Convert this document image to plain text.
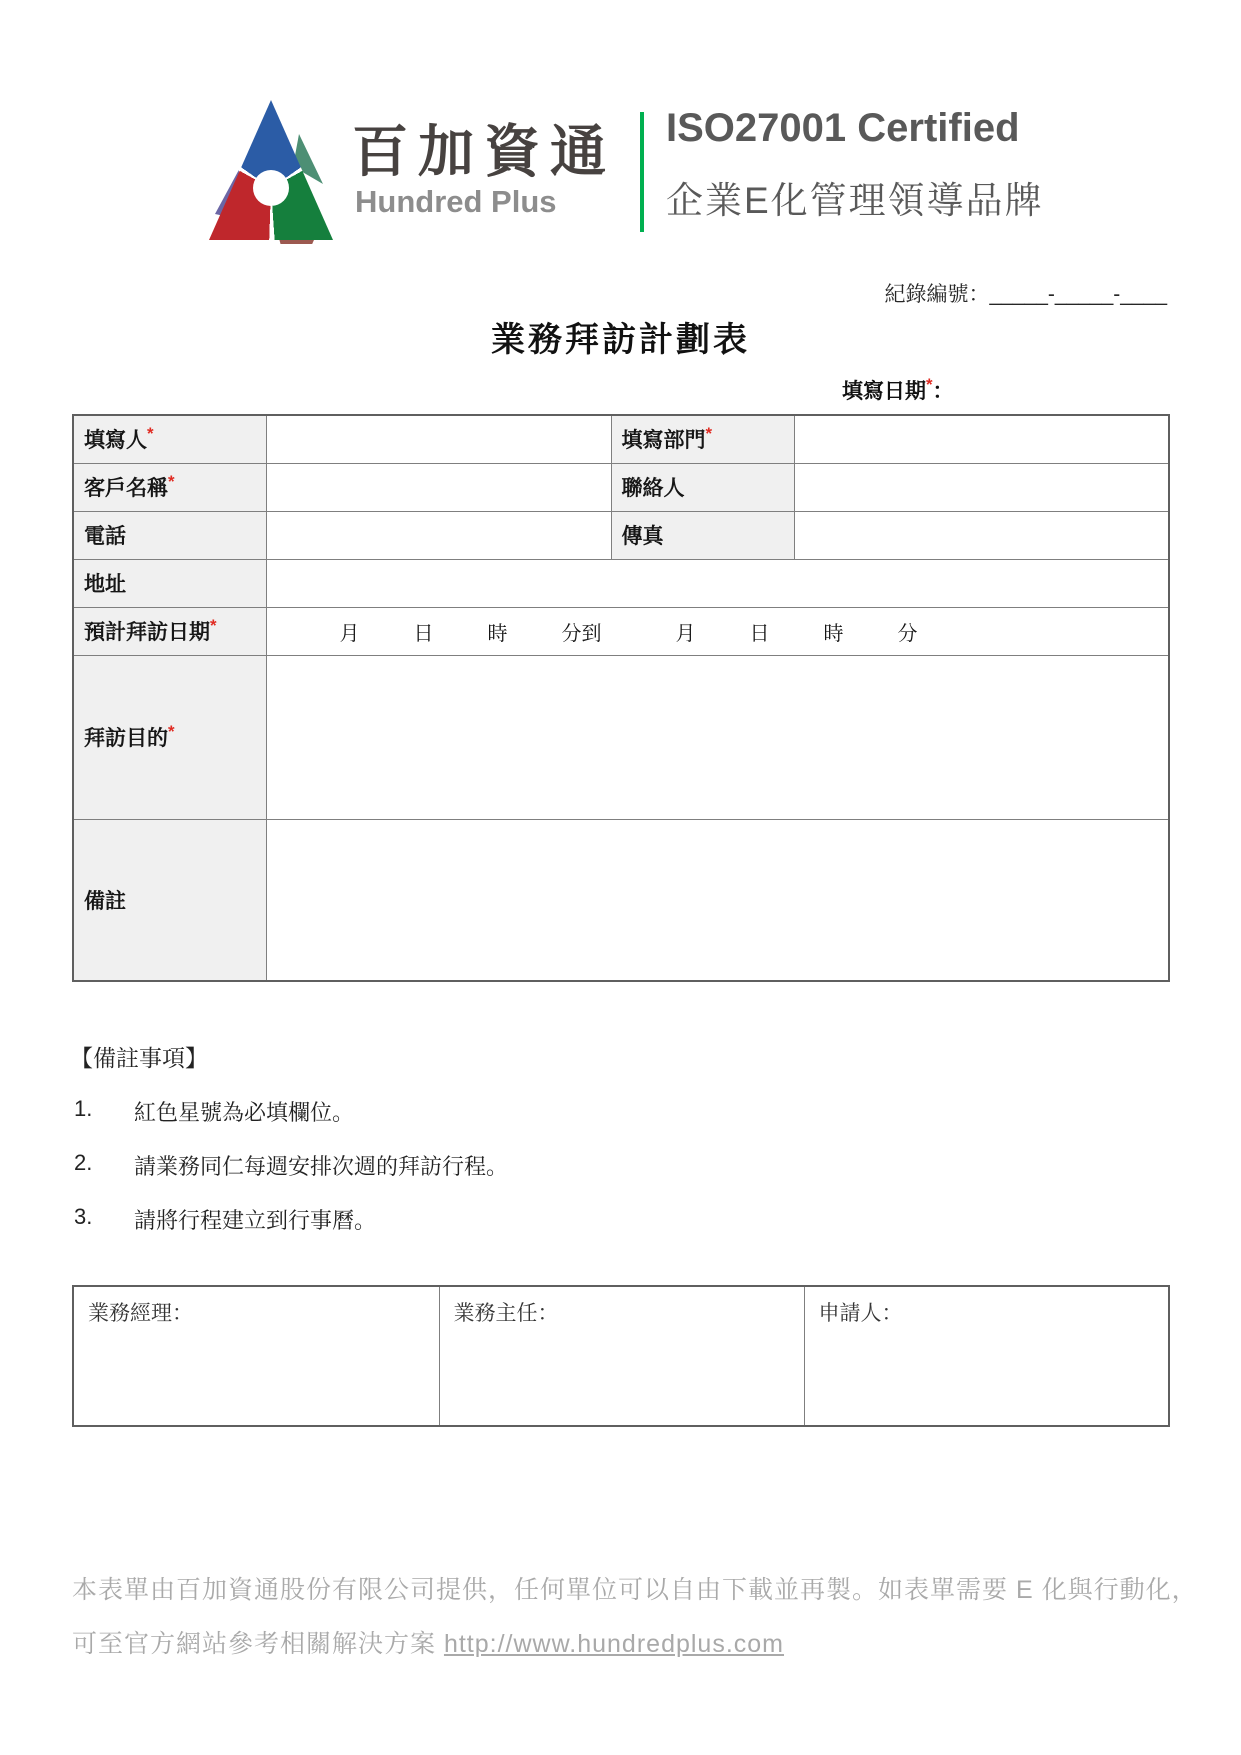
百加資通
Hundred Plus
ISO27001 Certified
企業E化管理領導品牌
紀錄編號：_____-_____-____
業務拜訪計劃表
填寫日期*：
填寫人*		填寫部門*	
客戶名稱*		聯絡人	
電話		傳真	
地址			
預計拜訪日期*	月	日	時	分到	月	日	時	分

拜訪目的*	
備註			
【備註事項】
1.	紅色星號為必填欄位。
2.	請業務同仁每週安排次週的拜訪行程。
3.	請將行程建立到行事曆。
業務經理：	業務主任：	申請人：
本表單由百加資通股份有限公司提供，任何單位可以自由下載並再製。如表單需要 E 化與行動化，
可至官方網站參考相關解決方案 http://www.hundredplus.com
